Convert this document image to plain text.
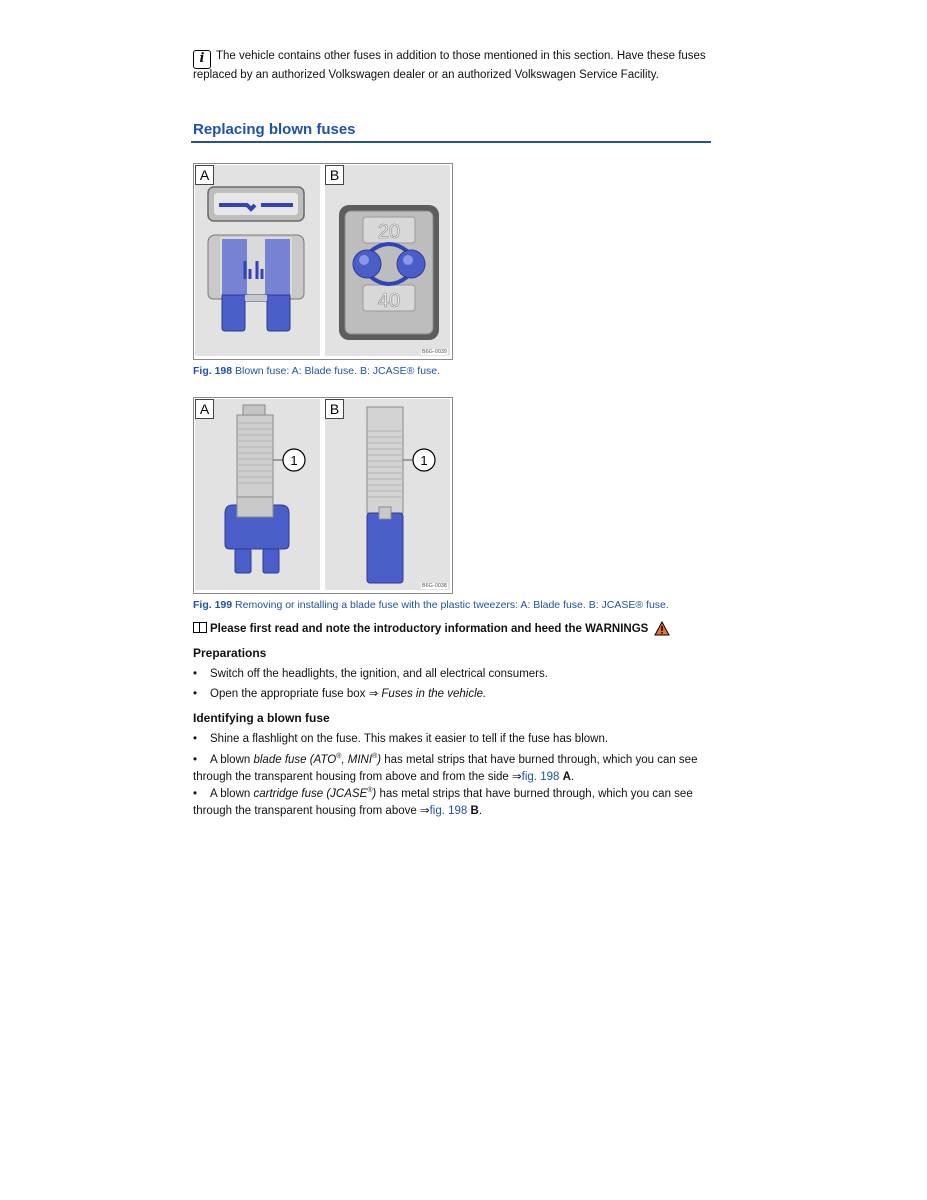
i The vehicle contains other fuses in addition to those mentioned in this section. Have these fuses replaced by an authorized Volkswagen dealer or an authorized Volkswagen Service Facility.
Replacing blown fuses
A
20
40
B
B6G-0039
Fig. 198 Blown fuse: A: Blade fuse. B: JCASE® fuse.
1
A
1
B
B6G-0038
Fig. 199 Removing or installing a blade fuse with the plastic tweezers: A: Blade fuse. B: JCASE® fuse.
Please first read and note the introductory information and heed the WARNINGS
Preparations
• Switch off the headlights, the ignition, and all electrical consumers.
• Open the appropriate fuse box ⇒ Fuses in the vehicle.
Identifying a blown fuse
• Shine a flashlight on the fuse. This makes it easier to tell if the fuse has blown.
• A blown blade fuse (ATO®, MINI®) has metal strips that have burned through, which you can see
through the transparent housing from above and from the side ⇒fig. 198 A.
• A blown cartridge fuse (JCASE®) has metal strips that have burned through, which you can see
through the transparent housing from above ⇒fig. 198 B.
